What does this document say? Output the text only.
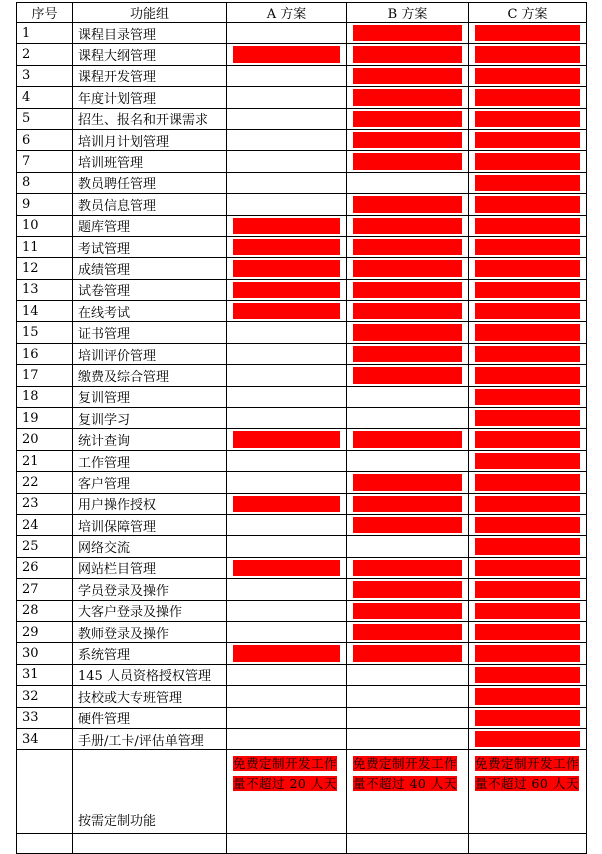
序号	功能组	A 方案	B 方案	C 方案
1	课程目录管理		

2	课程大纲管理	

3	课程开发管理		

4	年度计划管理		

5	招生、报名和开课需求		

6	培训月计划管理		

7	培训班管理		

8	教员聘任管理			

9	教员信息管理		

10	题库管理	

11	考试管理	

12	成绩管理	

13	试卷管理	

14	在线考试	

15	证书管理		

16	培训评价管理		

17	缴费及综合管理		

18	复训管理			

19	复训学习			

20	统计查询	

21	工作管理			

22	客户管理		

23	用户操作授权	

24	培训保障管理		

25	网络交流			

26	网站栏目管理	

27	学员登录及操作		

28	大客户登录及操作		

29	教师登录及操作		

30	系统管理	

31	145 人员资格授权管理			

32	技校或大专班管理			

33	硬件管理			

34	手册/工卡/评估单管理			

	按需定制功能	免费定制开发工作量不超过 20 人天	免费定制开发工作量不超过 40 人天	免费定制开发工作量不超过 60 人天
